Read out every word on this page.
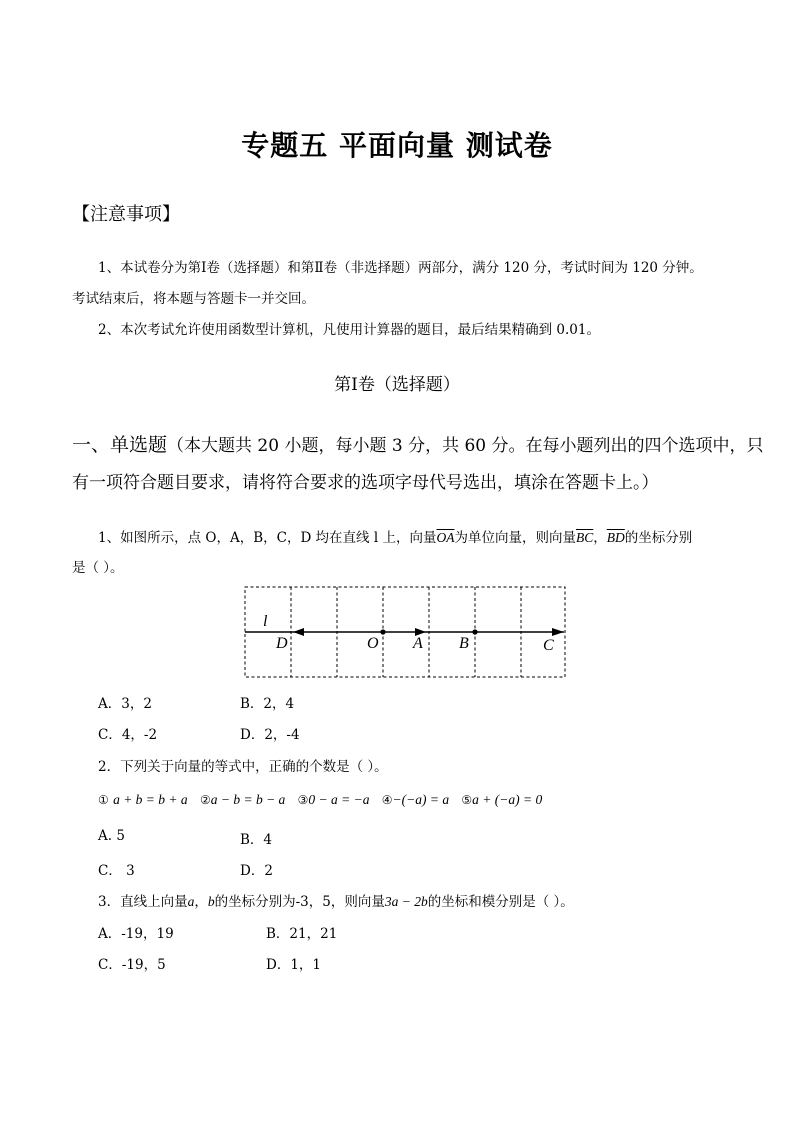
专题五 平面向量 测试卷
【注意事项】
1、本试卷分为第Ⅰ卷（选择题）和第Ⅱ卷（非选择题）两部分，满分 120 分，考试时间为 120 分钟。
考试结束后，将本题与答题卡一并交回。
2、本次考试允许使用函数型计算机，凡使用计算器的题目，最后结果精确到 0.01。
第Ⅰ卷（选择题）
一、单选题（本大题共 20 小题，每小题 3 分，共 60 分。在每小题列出的四个选项中，只
有一项符合题目要求，请将符合要求的选项字母代号选出，填涂在答题卡上。）
1、如图所示，点 O，A，B，C，D 均在直线 l 上，向量$\overline{OA}$为单位向量，则向量$\overline{BC}$，$\overline{BD}$的坐标分别
是（ ）。
l
D	O A B	C
A．3，2	B．2，4
C．4，-2	D．2，-4
2．下列关于向量的等式中，正确的个数是（ ）。
① a + b = b + a ②a − b = b − a ③0 − a = −a ④−(−a) = a ⑤a + (−a) = 0
A. 5	B．4
C． 3	D．2
3．直线上向量a，b的坐标分别为-3，5，则向量3a − 2b的坐标和模分别是（ ）。
A．-19，19	B．21，21
C．-19，5	D．1，1
